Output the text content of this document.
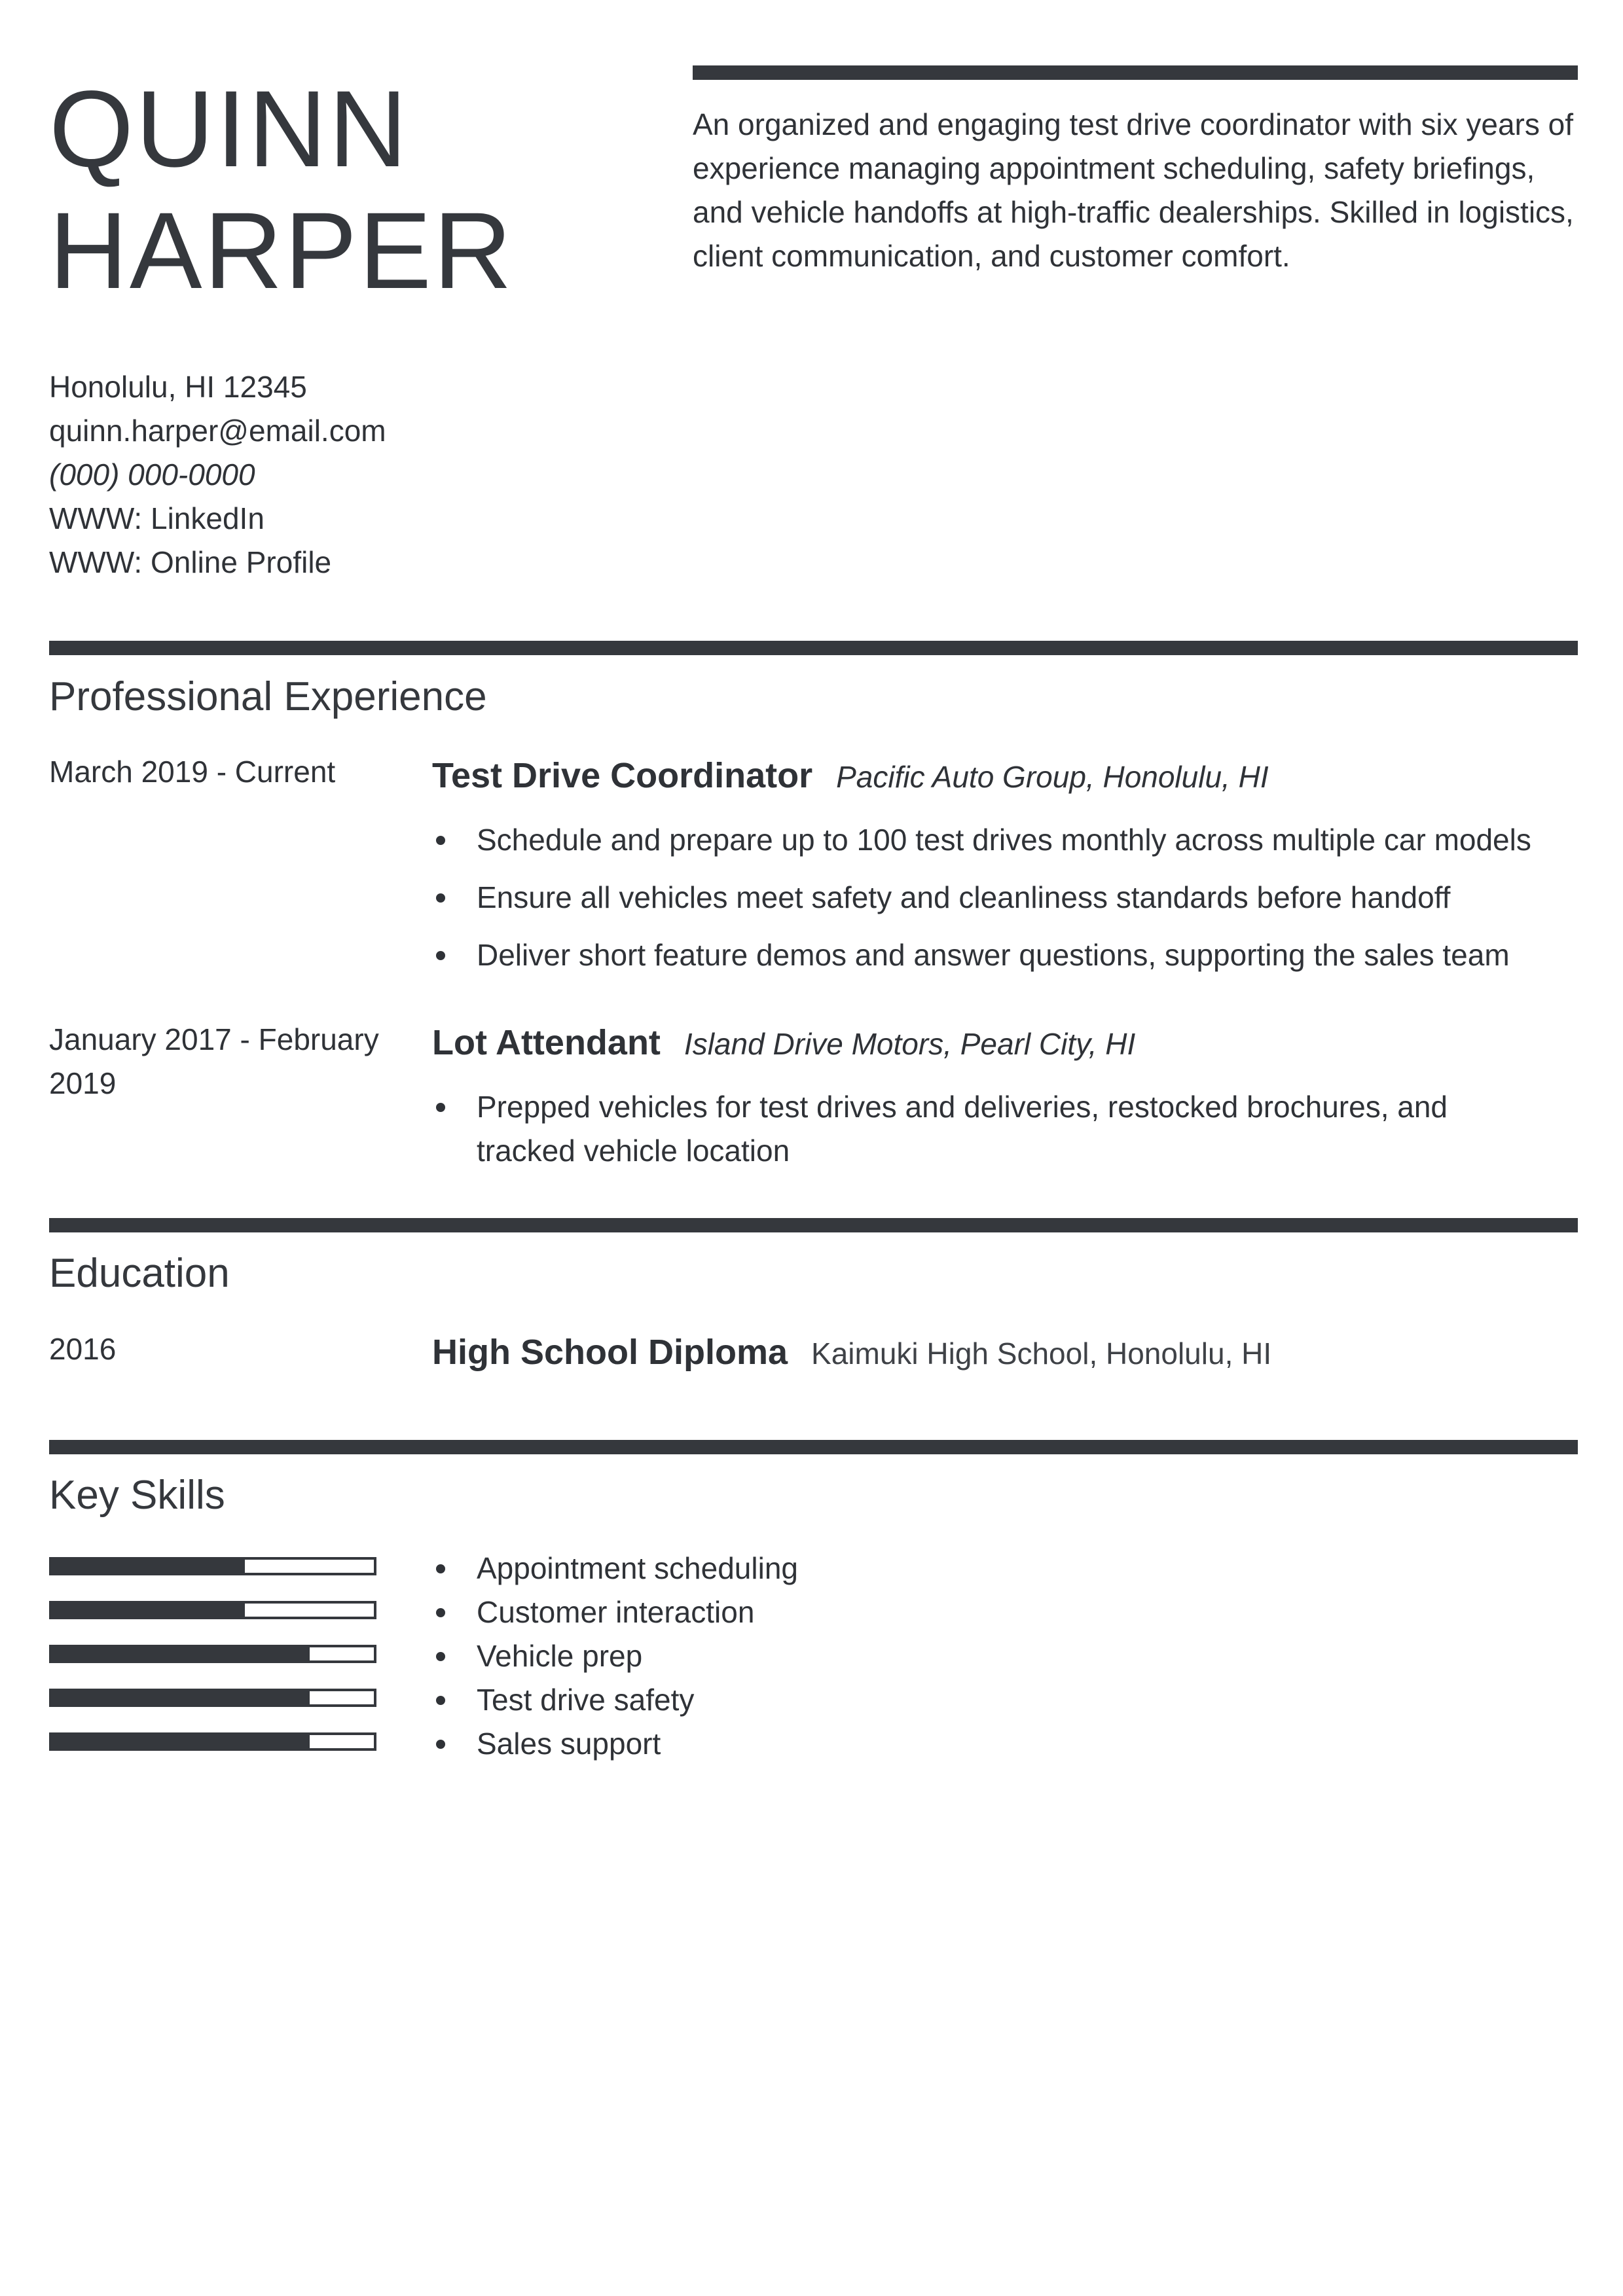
QUINN
HARPER

An organized and engaging test drive coordinator with six years of experience managing appointment scheduling, safety briefings, and vehicle handoffs at high-traffic dealerships. Skilled in logistics, client communication, and customer comfort.

Honolulu, HI 12345
quinn.harper@email.com
(000) 000-0000
WWW: LinkedIn
WWW: Online Profile
Professional Experience
March 2019 - Current	Test Drive Coordinator Pacific Auto Group, Honolulu, HI
Schedule and prepare up to 100 test drives monthly across multiple car models
Ensure all vehicles meet safety and cleanliness standards before handoff
Deliver short feature demos and answer questions, supporting the sales team
January 2017 - February 2019
Lot Attendant Island Drive Motors, Pearl City, HI
Prepped vehicles for test drives and deliveries, restocked brochures, and tracked vehicle location
Education
2016	High School Diploma Kaimuki High School, Honolulu, HI
Key Skills
Appointment scheduling
Customer interaction
Vehicle prep
Test drive safety
Sales support
